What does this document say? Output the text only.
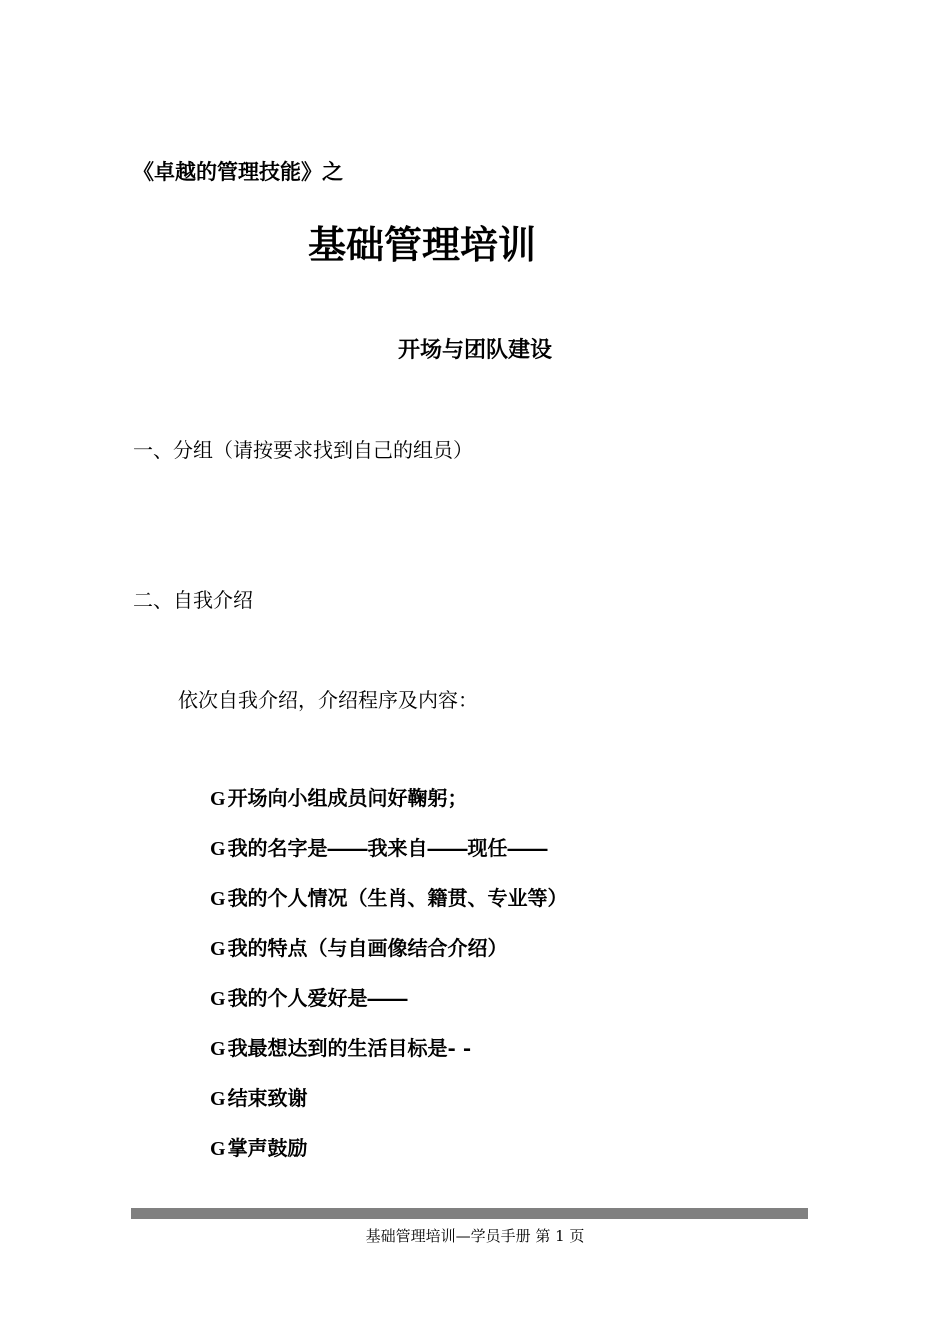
《卓越的管理技能》之
基础管理培训
开场与团队建设
一、分组（请按要求找到自己的组员）
二、自我介绍
依次自我介绍，介绍程序及内容：
G 开场向小组成员问好鞠躬；
G 我的名字是――我来自――现任――
G 我的个人情况（生肖、籍贯、专业等）
G 我的特点（与自画像结合介绍）
G 我的个人爱好是――
G 我最想达到的生活目标是- -
G 结束致谢
G 掌声鼓励
基础管理培训—学员手册 第 1 页
